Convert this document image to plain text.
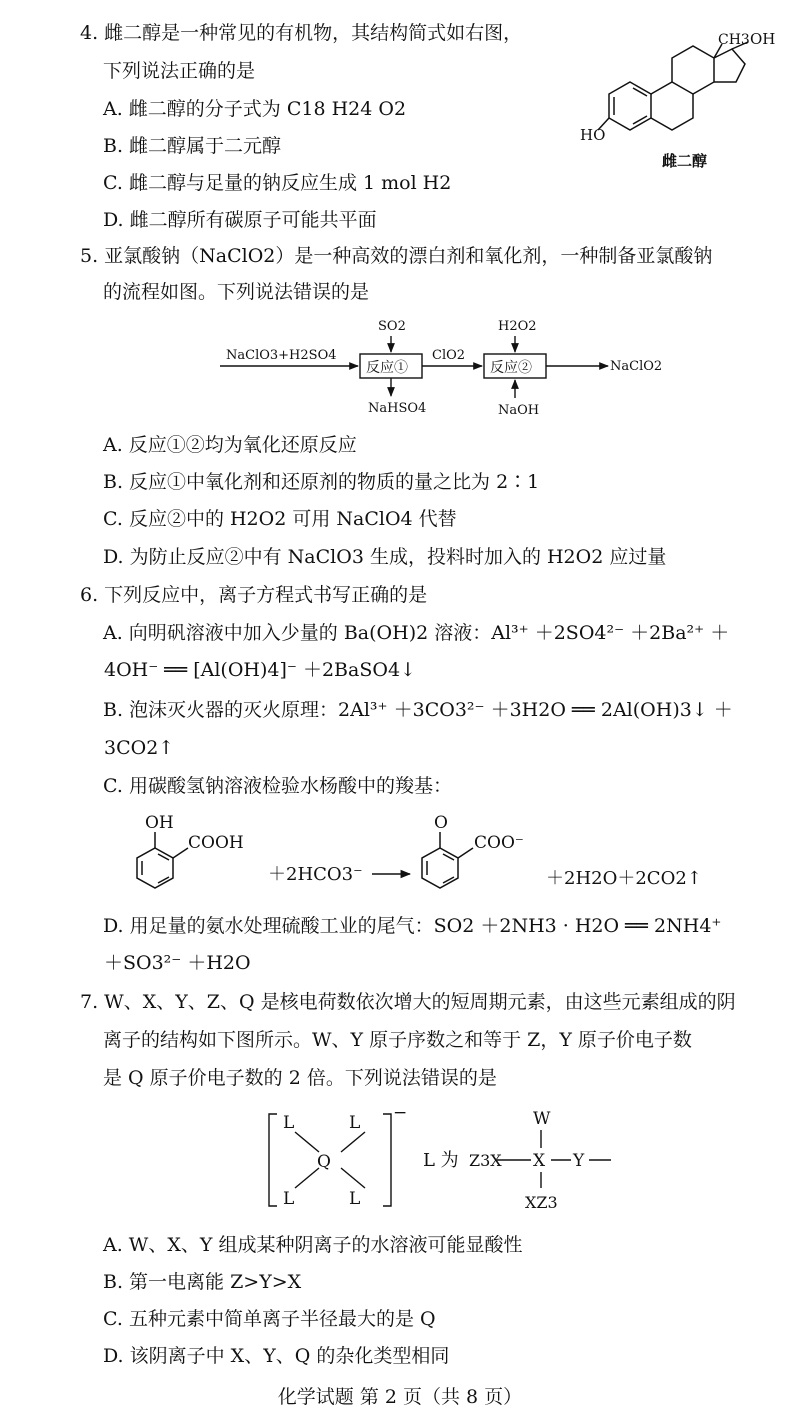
4. 雌二醇是一种常见的有机物，其结构简式如右图，
下列说法正确的是
A. 雌二醇的分子式为 C18 H24 O2
B. 雌二醇属于二元醇
C. 雌二醇与足量的钠反应生成 1 mol H2
D. 雌二醇所有碳原子可能共平面
CH3 OH
HO
雌二醇
5. 亚氯酸钠（NaClO2）是一种高效的漂白剂和氧化剂，一种制备亚氯酸钠
的流程如图。下列说法错误的是
NaClO3+H2SO4
SO2
反应①
ClO2
H2O2
反应②	NaClO2
NaHSO4	NaOH
A. 反应①②均为氧化还原反应
B. 反应①中氧化剂和还原剂的物质的量之比为 2∶1
C. 反应②中的 H2O2 可用 NaClO4 代替
D. 为防止反应②中有 NaClO3 生成，投料时加入的 H2O2 应过量
6. 下列反应中，离子方程式书写正确的是
A. 向明矾溶液中加入少量的 Ba(OH)2 溶液：Al³⁺ ＋2SO4²⁻ ＋2Ba²⁺ ＋
4OH⁻ ══ [Al(OH)4]⁻ ＋2BaSO4↓
B. 泡沫灭火器的灭火原理：2Al³⁺ ＋3CO3²⁻ ＋3H2O ══ 2Al(OH)3↓ ＋
3CO2↑
C. 用碳酸氢钠溶液检验水杨酸中的羧基：
OH
COOH
＋2HCO3⁻
O
COO⁻
＋2H2O＋2CO2↑
D. 用足量的氨水处理硫酸工业的尾气：SO2 ＋2NH3 · H2O ══ 2NH4⁺
＋SO3²⁻ ＋H2O
7. W、X、Y、Z、Q 是核电荷数依次增大的短周期元素，由这些元素组成的阴
离子的结构如下图所示。W、Y 原子序数之和等于 Z，Y 原子价电子数
是 Q 原子价电子数的 2 倍。下列说法错误的是
L	L
Q
L	L
−
L 为 Z3X X Y
W
XZ3
A. W、X、Y 组成某种阴离子的水溶液可能显酸性
B. 第一电离能 Z>Y>X
C. 五种元素中简单离子半径最大的是 Q
D. 该阴离子中 X、Y、Q 的杂化类型相同
化学试题 第 2 页（共 8 页）
